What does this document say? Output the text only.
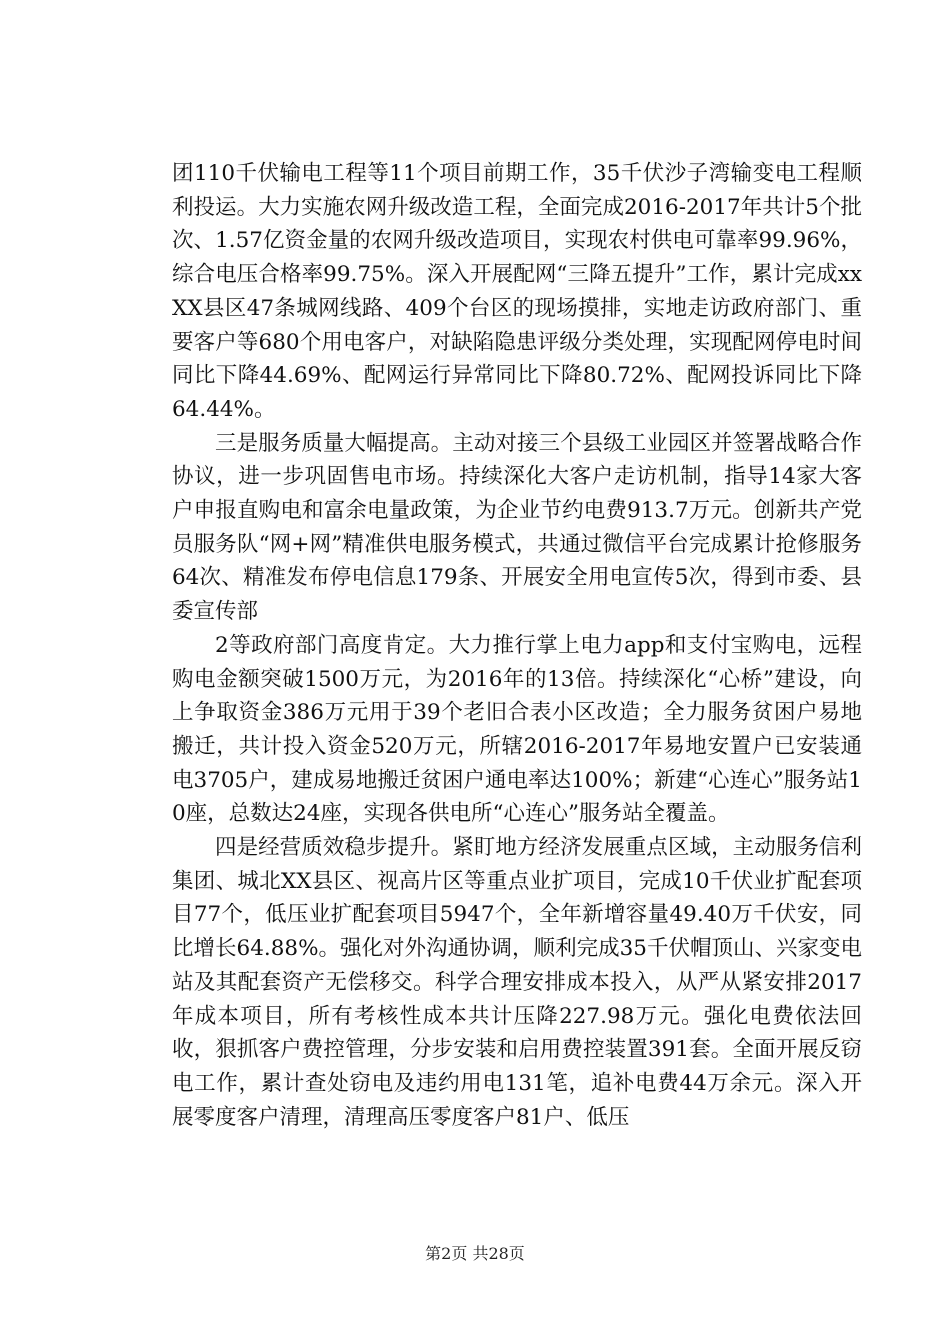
团110千伏输电工程等11个项目前期工作，35千伏沙子湾输变电工程顺利投运。大力实施农网升级改造工程，全面完成2016-2017年共计5个批次、1.57亿资金量的农网升级改造项目，实现农村供电可靠率99.96%，综合电压合格率99.75%。深入开展配网“三降五提升”工作，累计完成xxXX县区47条城网线路、409个台区的现场摸排，实地走访政府部门、重要客户等680个用电客户，对缺陷隐患评级分类处理，实现配网停电时间同比下降44.69%、配网运行异常同比下降80.72%、配网投诉同比下降64.44%。

三是服务质量大幅提高。主动对接三个县级工业园区并签署战略合作协议，进一步巩固售电市场。持续深化大客户走访机制，指导14家大客户申报直购电和富余电量政策，为企业节约电费913.7万元。创新共产党员服务队“网+网”精准供电服务模式，共通过微信平台完成累计抢修服务64次、精准发布停电信息179条、开展安全用电宣传5次，得到市委、县委宣传部

2等政府部门高度肯定。大力推行掌上电力app和支付宝购电，远程购电金额突破1500万元，为2016年的13倍。持续深化“心桥”建设，向上争取资金386万元用于39个老旧合表小区改造；全力服务贫困户易地搬迁，共计投入资金520万元，所辖2016-2017年易地安置户已安装通电3705户，建成易地搬迁贫困户通电率达100%；新建“心连心”服务站10座，总数达24座，实现各供电所“心连心”服务站全覆盖。

四是经营质效稳步提升。紧盯地方经济发展重点区域，主动服务信利集团、城北XX县区、视高片区等重点业扩项目，完成10千伏业扩配套项目77个，低压业扩配套项目5947个，全年新增容量49.40万千伏安，同比增长64.88%。强化对外沟通协调，顺利完成35千伏帽顶山、兴家变电站及其配套资产无偿移交。科学合理安排成本投入，从严从紧安排2017年成本项目，所有考核性成本共计压降227.98万元。强化电费依法回收，狠抓客户费控管理，分步安装和启用费控装置391套。全面开展反窃电工作，累计查处窃电及违约用电131笔，追补电费44万余元。深入开展零度客户清理，清理高压零度客户81户、低压

第2页 共28页
